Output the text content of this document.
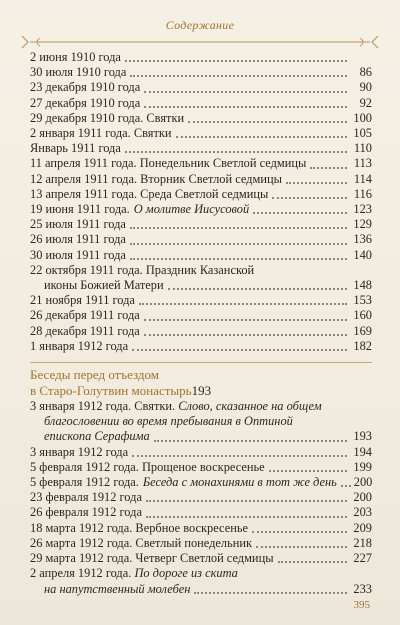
Содержание
2 июня 1910 года
30 июля 1910 года	86
23 декабря 1910 года	90
27 декабря 1910 года	92
29 декабря 1910 года. Святки	100
2 января 1911 года. Святки	105
Январь 1911 года	110
11 апреля 1911 года. Понедельник Светлой седмицы	113
12 апреля 1911 года. Вторник Светлой седмицы	114
13 апреля 1911 года. Среда Светлой седмицы	116
19 июня 1911 года. О молитве Иисусовой	123
25 июля 1911 года	129
26 июля 1911 года	136
30 июля 1911 года	140
22 октября 1911 года. Праздник Казанской
иконы Божией Матери	148
21 ноября 1911 года	153
26 декабря 1911 года	160
28 декабря 1911 года	169
1 января 1912 года	182
Беседы перед отъездом
в Старо-Голутвин монастырь 193
3 января 1912 года. Святки. Слово, сказанное на общем
благословении во время пребывания в Оптиной
епископа Серафима	193
3 января 1912 года	194
5 февраля 1912 года. Прощеное воскресенье	199
5 февраля 1912 года. Беседа с монахинями в тот же день 200
23 февраля 1912 года	200
26 февраля 1912 года	203
18 марта 1912 года. Вербное воскресенье	209
26 марта 1912 года. Светлый понедельник	218
29 марта 1912 года. Четверг Светлой седмицы	227
2 апреля 1912 года. По дороге из скита
на напутственный молебен	233
395
